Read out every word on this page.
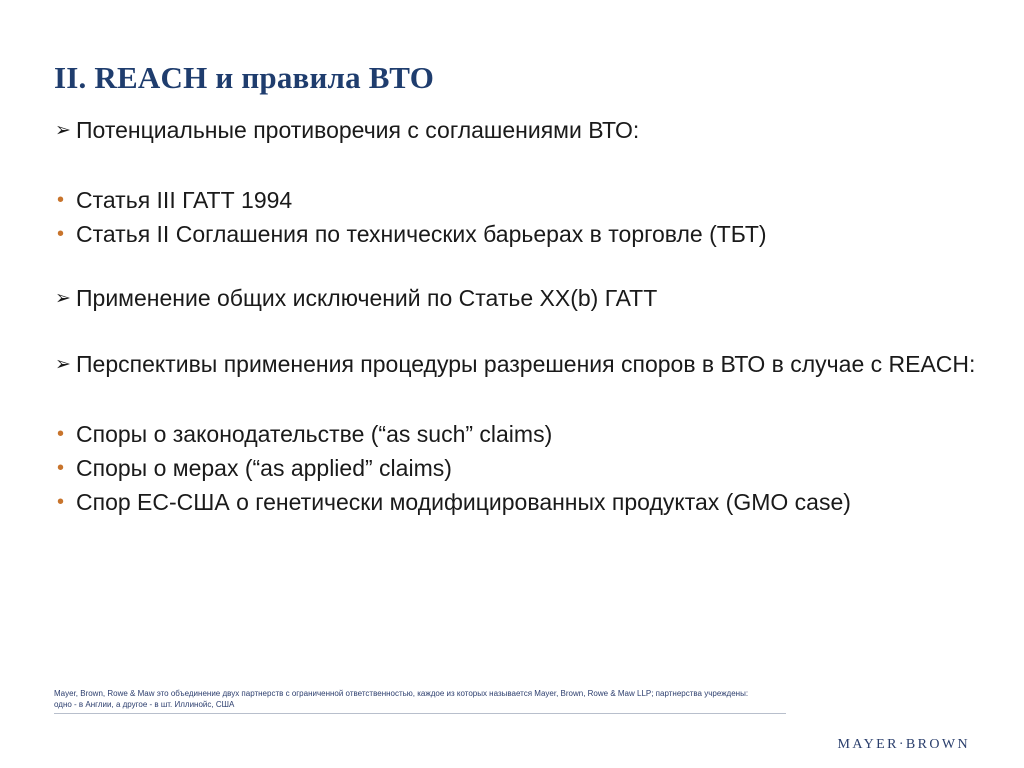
II. REACH и правила ВТО
➢ Потенциальные противоречия с соглашениями ВТО:
• Статья III ГАТТ 1994
• Статья II Соглашения по технических барьерах в торговле (ТБТ)
➢ Применение общих исключений по Статье XX(b) ГАТТ
➢ Перспективы применения процедуры разрешения споров в ВТО в случае с REACH:
• Споры о законодательстве (“as such” claims)
• Споры о мерах (“as applied” claims)
• Спор ЕС-США о генетически модифицированных продуктах (GMO case)
Mayer, Brown, Rowe & Maw это объединение двух партнерств с ограниченной ответственностью, каждое из которых называется Mayer, Brown, Rowe & Maw LLP; партнерства учреждены:
одно - в Англии, а другое - в шт. Иллинойс, США
MAYER·BROWN
